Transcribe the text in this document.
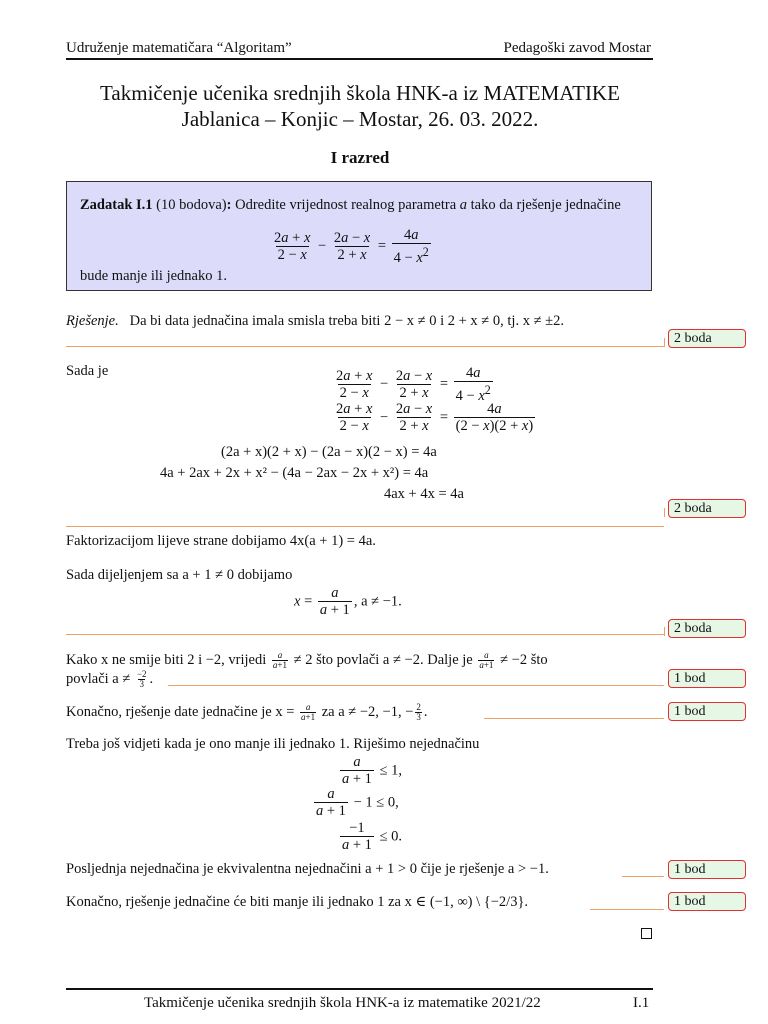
Udruženje matematičara “Algoritam”	Pedagoški zavod Mostar
Takmičenje učenika srednjih škola HNK-a iz MATEMATIKE
Jablanica – Konjic – Mostar, 26. 03. 2022.
I razred
Zadatak I.1 (10 bodova): Odredite vrijednost realnog parametra a tako da rješenje jednačine
$\frac{2a + x}{2 - x} - \frac{2a - x}{2 + x} = \frac{4a}{4 - x^2}$
bude manje ili jednako 1.
Rješenje. Da bi data jednačina imala smisla treba biti 2 − x ≠ 0 i 2 + x ≠ 0, tj. x ≠ ±2.
2 boda
Sada je	$\frac{2a + x}{2 - x} - \frac{2a - x}{2 + x} = \frac{4a}{4 - x^2}$
$\frac{2a + x}{2 - x} - \frac{2a - x}{2 + x} = \frac{4a}{(2 - x)(2 + x)}$
(2a + x)(2 + x) − (2a − x)(2 − x) = 4a
4a + 2ax + 2x + x² − (4a − 2ax − 2x + x²) = 4a
4ax + 4x = 4a
2 boda
Faktorizacijom lijeve strane dobijamo 4x(a + 1) = 4a.
Sada dijeljenjem sa a + 1 ≠ 0 dobijamo
$x = \frac{a}{a + 1}$ , a ≠ −1.
2 boda
Kako x ne smije biti 2 i −2, vrijedi $\frac{a}{a+1} \ne 2$ što povlači a ≠ −2. Dalje je $\frac{a}{a+1} \ne -2$ što
povlači $a \ne \frac{-2}{3}$ .	1 bod
Konačno, rješenje date jednačine je $x = \frac{a}{a+1}$ za a ≠ −2, −1, − $\frac{2}{3}$ .	1 bod
Treba još vidjeti kada je ono manje ili jednako 1. Riješimo nejednačinu
$\frac{a}{a + 1} \le 1$,
$\frac{a}{a + 1} - 1 \le 0$,
$\frac{-1}{a + 1} \le 0$.
Posljednja nejednačina je ekvivalentna nejednačini a + 1 > 0 čije je rješenje a > −1.	1 bod
Konačno, rješenje jednačine će biti manje ili jednako 1 za x ∈ (−1, ∞) \ {−2/3}.	1 bod
Takmičenje učenika srednjih škola HNK-a iz matematike 2021/22	I.1
